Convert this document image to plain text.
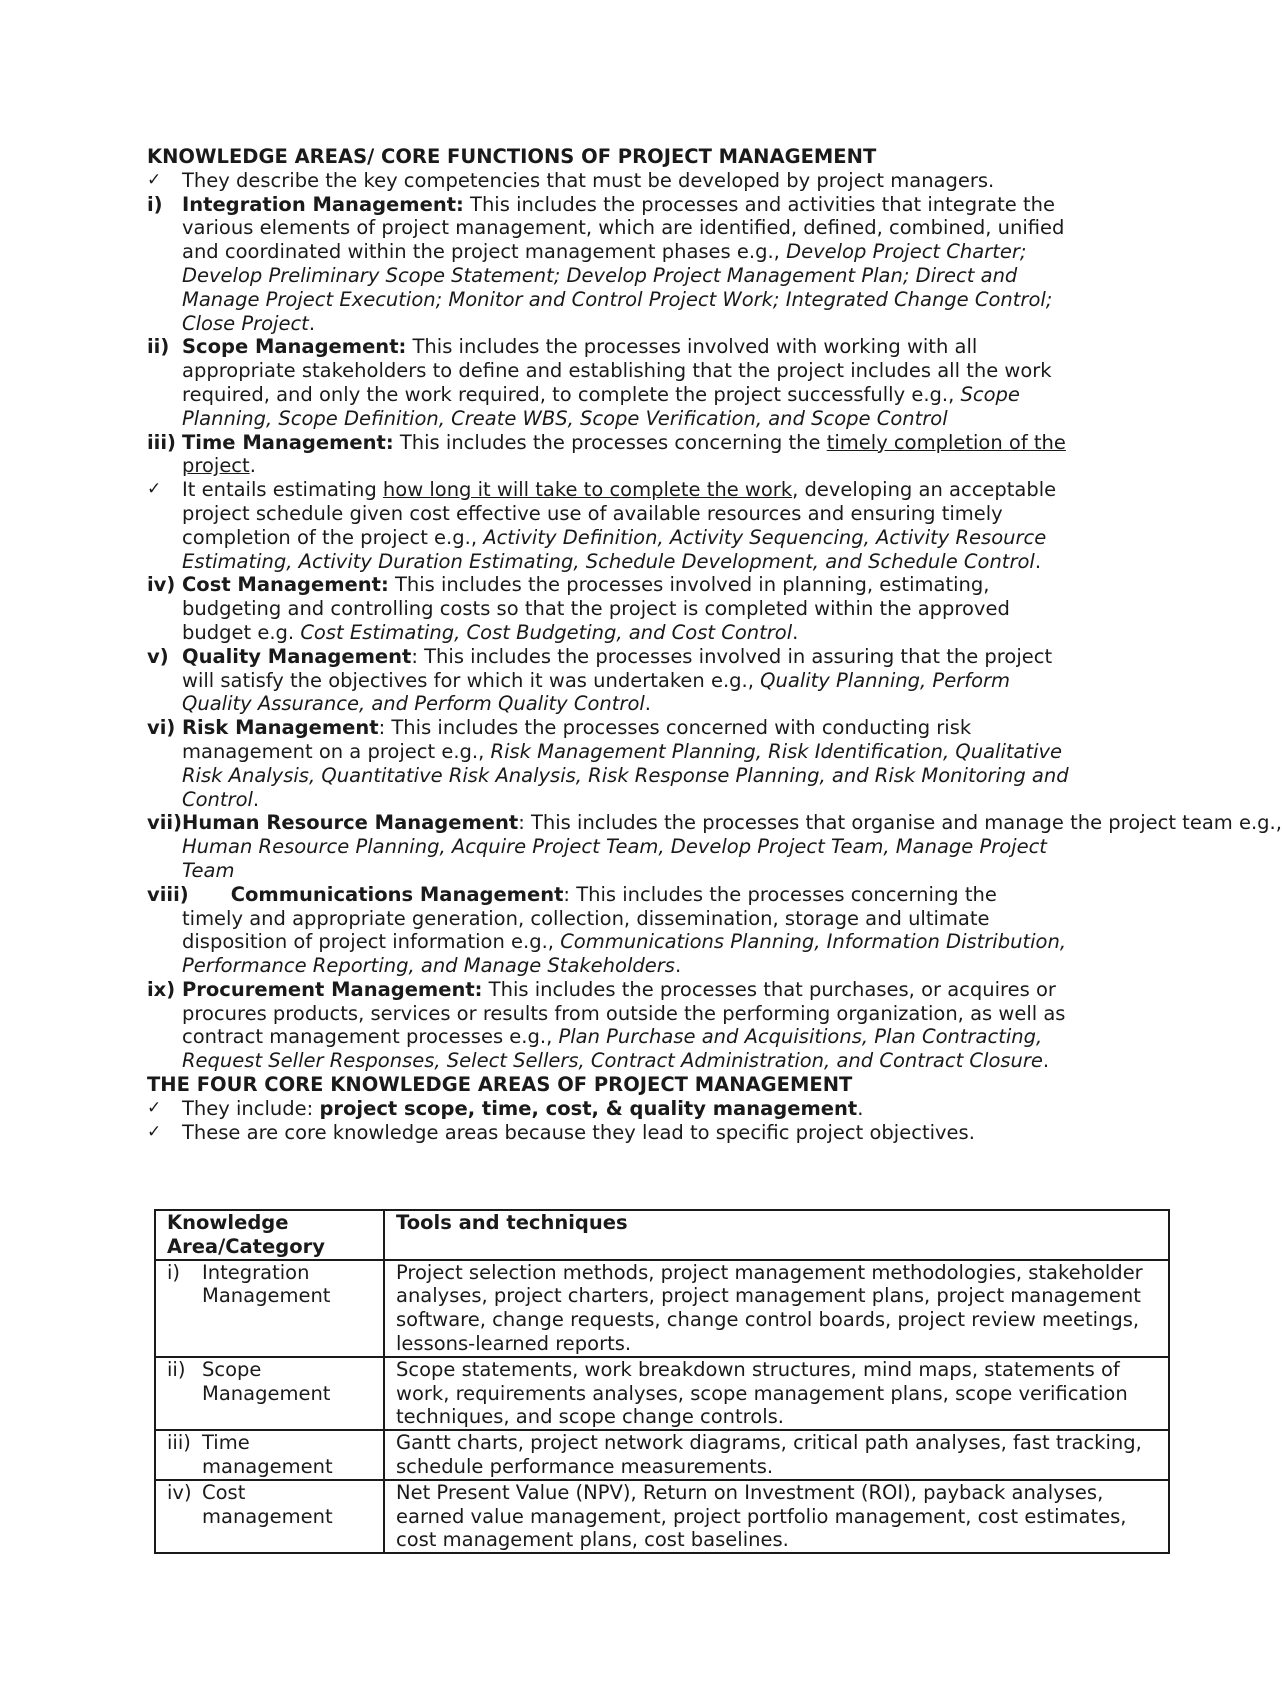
KNOWLEDGE AREAS/ CORE FUNCTIONS OF PROJECT MANAGEMENT
✓	They describe the key competencies that must be developed by project managers.
i) Integration Management: This includes the processes and activities that integrate the various elements of project management, which are identified, defined, combined, unified and coordinated within the project management phases e.g., Develop Project Charter; Develop Preliminary Scope Statement; Develop Project Management Plan; Direct and Manage Project Execution; Monitor and Control Project Work; Integrated Change Control; Close Project.
ii) Scope Management: This includes the processes involved with working with all appropriate stakeholders to define and establishing that the project includes all the work required, and only the work required, to complete the project successfully e.g., Scope Planning, Scope Definition, Create WBS, Scope Verification, and Scope Control
iii) Time Management: This includes the processes concerning the timely completion of the project.
✓	It entails estimating how long it will take to complete the work, developing an acceptable project schedule given cost effective use of available resources and ensuring timely completion of the project e.g., Activity Definition, Activity Sequencing, Activity Resource Estimating, Activity Duration Estimating, Schedule Development, and Schedule Control.
iv) Cost Management: This includes the processes involved in planning, estimating, budgeting and controlling costs so that the project is completed within the approved budget e.g. Cost Estimating, Cost Budgeting, and Cost Control.
v) Quality Management: This includes the processes involved in assuring that the project will satisfy the objectives for which it was undertaken e.g., Quality Planning, Perform Quality Assurance, and Perform Quality Control.
vi) Risk Management: This includes the processes concerned with conducting risk management on a project e.g., Risk Management Planning, Risk Identification, Qualitative Risk Analysis, Quantitative Risk Analysis, Risk Response Planning, and Risk Monitoring and Control.
vii)Human Resource Management: This includes the processes that organise and manage the project team e.g.,
Human Resource Planning, Acquire Project Team, Develop Project Team, Manage Project Team
viii) Communications Management: This includes the processes concerning the
timely and appropriate generation, collection, dissemination, storage and ultimate disposition of project information e.g., Communications Planning, Information Distribution, Performance Reporting, and Manage Stakeholders.
ix) Procurement Management: This includes the processes that purchases, or acquires or procures products, services or results from outside the performing organization, as well as contract management processes e.g., Plan Purchase and Acquisitions, Plan Contracting, Request Seller Responses, Select Sellers, Contract Administration, and Contract Closure.
THE FOUR CORE KNOWLEDGE AREAS OF PROJECT MANAGEMENT
✓	They include: project scope, time, cost, & quality management.
✓	These are core knowledge areas because they lead to specific project objectives.
Knowledge Area/Category	Tools and techniques

i) Integration Management	Project selection methods, project management methodologies, stakeholder analyses, project charters, project management plans, project management software, change requests, change control boards, project review meetings, lessons-learned reports.

ii) Scope Management	Scope statements, work breakdown structures, mind maps, statements of work, requirements analyses, scope management plans, scope verification techniques, and scope change controls.

iii) Time management	Gantt charts, project network diagrams, critical path analyses, fast tracking, schedule performance measurements.

iv) Cost management	Net Present Value (NPV), Return on Investment (ROI), payback analyses, earned value management, project portfolio management, cost estimates, cost management plans, cost baselines.
